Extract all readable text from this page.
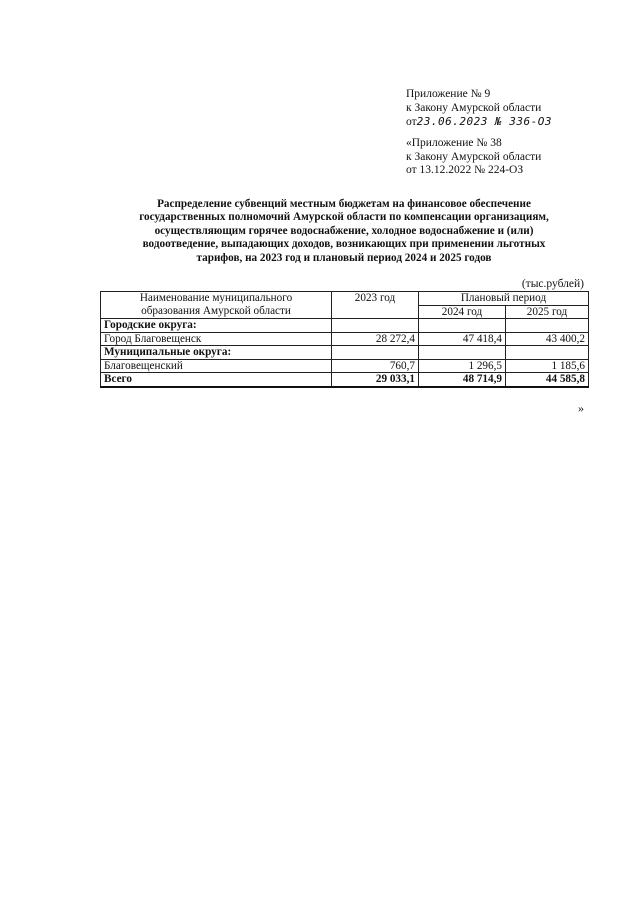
Приложение № 9
к Закону Амурской области
от23.06.2023 № 336-ОЗ
«Приложение № 38
к Закону Амурской области
от 13.12.2022 № 224-ОЗ
Распределение субвенций местным бюджетам на финансовое обеспечение
государственных полномочий Амурской области по компенсации организациям,
осуществляющим горячее водоснабжение, холодное водоснабжение и (или)
водоотведение, выпадающих доходов, возникающих при применении льготных
тарифов, на 2023 год и плановый период 2024 и 2025 годов
(тыс.рублей)
Наименование муниципального
образования Амурской области	2023 год	Плановый период	
		2024 год	2025 год
Городские округа:			
Город Благовещенск	28 272,4	47 418,4	43 400,2
Муниципальные округа:			
Благовещенский	760,7	1 296,5	1 185,6
Всего	29 033,1	48 714,9	44 585,8
»
